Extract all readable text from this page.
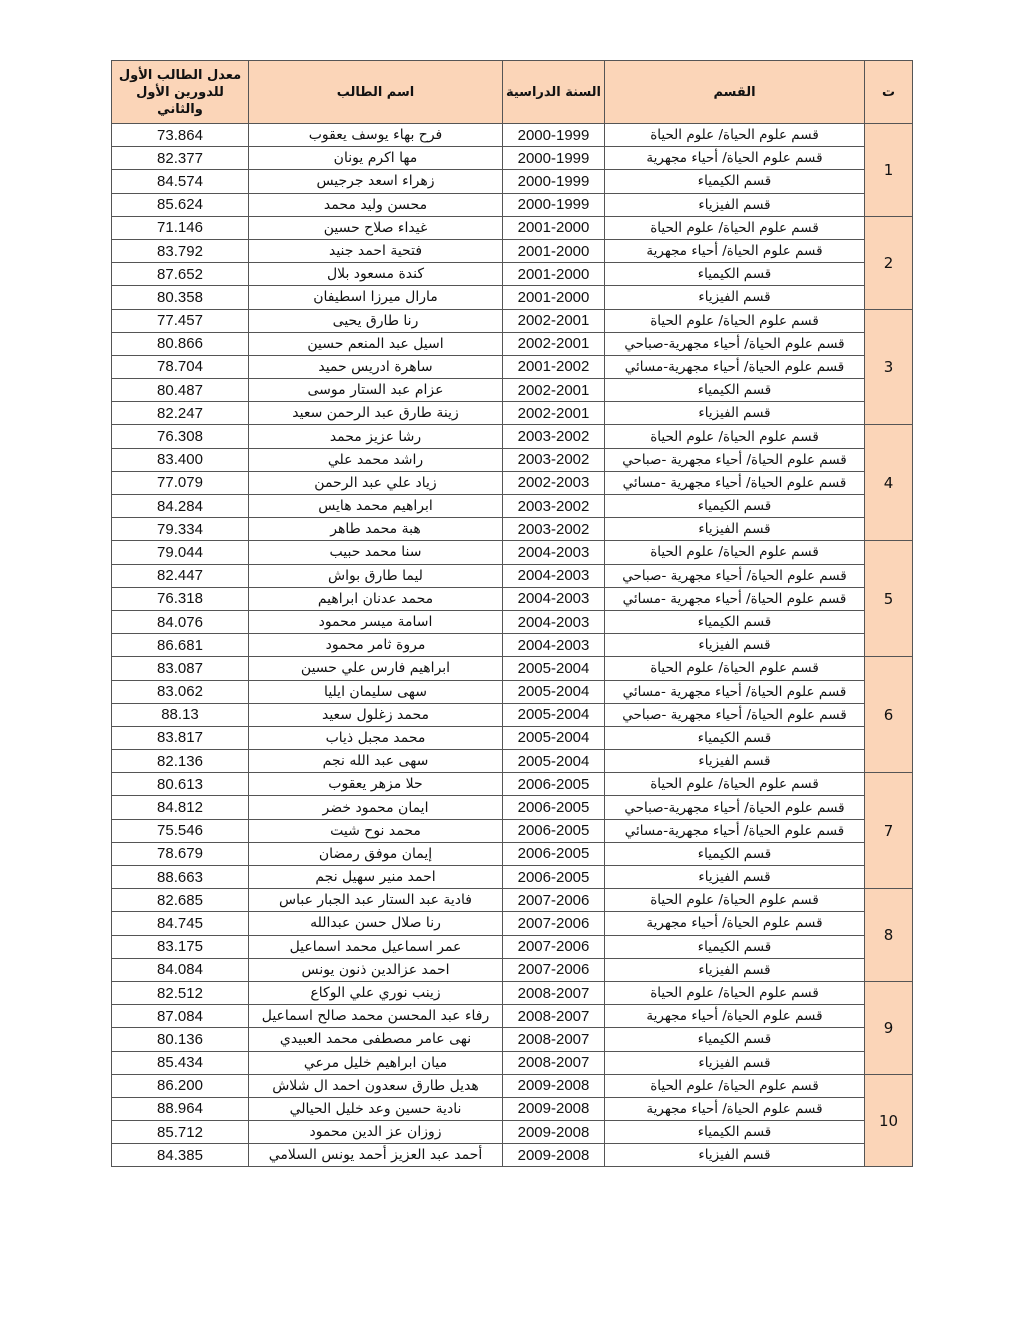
ت	القسم	السنة الدراسية	اسم الطالب	معدل الطالب الأول للدورين الأول والثاني
1	قسم علوم الحياة/ علوم الحياة	2000-1999	فرح بهاء يوسف يعقوب	73.864
	قسم علوم الحياة/ أحياء مجهرية	2000-1999	مها اكرم يونان	82.377
	قسم الكيمياء	2000-1999	زهراء اسعد جرجيس	84.574
	قسم الفيزياء	2000-1999	محسن وليد محمد	85.624
2	قسم علوم الحياة/ علوم الحياة	2001-2000	غيداء صلاح حسين	71.146
	قسم علوم الحياة/ أحياء مجهرية	2001-2000	فتحية احمد جنيد	83.792
	قسم الكيمياء	2001-2000	كندة مسعود بلال	87.652
	قسم الفيزياء	2001-2000	مارال ميرزا اسطيفان	80.358
3	قسم علوم الحياة/ علوم الحياة	2002-2001	رنا طارق يحيى	77.457
	قسم علوم الحياة/ أحياء مجهرية-صباحي	2002-2001	اسيل عبد المنعم حسين	80.866
	قسم علوم الحياة/ أحياء مجهرية-مسائي	2001-2002	ساهرة ادريس حميد	78.704
	قسم الكيمياء	2002-2001	عزام عبد الستار موسى	80.487
	قسم الفيزياء	2002-2001	زينة طارق عبد الرحمن سعيد	82.247
4	قسم علوم الحياة/ علوم الحياة	2003-2002	رشا عزيز محمد	76.308
	قسم علوم الحياة/ أحياء مجهرية -صباحي	2003-2002	راشد محمد علي	83.400
	قسم علوم الحياة/ أحياء مجهرية -مسائي	2002-2003	زياد علي عبد الرحمن	77.079
	قسم الكيمياء	2003-2002	ابراهيم محمد هايس	84.284
	قسم الفيزياء	2003-2002	هبة محمد طاهر	79.334
5	قسم علوم الحياة/ علوم الحياة	2004-2003	سنا محمد حبيب	79.044
	قسم علوم الحياة/ أحياء مجهرية -صباحي	2004-2003	ليما طارق بواش	82.447
	قسم علوم الحياة/ أحياء مجهرية -مسائي	2004-2003	محمد عدنان ابراهيم	76.318
	قسم الكيمياء	2004-2003	اسامة ميسر محمود	84.076
	قسم الفيزياء	2004-2003	مروة ثامر محمود	86.681
6	قسم علوم الحياة/ علوم الحياة	2005-2004	ابراهيم فارس علي حسين	83.087
	قسم علوم الحياة/ أحياء مجهرية -مسائي	2005-2004	سهى سليمان ايليا	83.062
	قسم علوم الحياة/ أحياء مجهرية -صباحي	2005-2004	محمد زغلول سعيد	88.13
	قسم الكيمياء	2005-2004	محمد مجبل ذياب	83.817
	قسم الفيزياء	2005-2004	سهى عبد الله نجم	82.136
7	قسم علوم الحياة/ علوم الحياة	2006-2005	حلا مزهر يعقوب	80.613
	قسم علوم الحياة/ أحياء مجهرية-صباحي	2006-2005	ايمان محمود خضر	84.812
	قسم علوم الحياة/ أحياء مجهرية-مسائي	2006-2005	محمد نوح شيت	75.546
	قسم الكيمياء	2006-2005	إيمان موفق رمضان	78.679
	قسم الفيزياء	2006-2005	احمد منير سهيل نجم	88.663
8	قسم علوم الحياة/ علوم الحياة	2007-2006	فادية عبد الستار عبد الجبار عباس	82.685
	قسم علوم الحياة/ أحياء مجهرية	2007-2006	رنا صلال حسن عبدالله	84.745
	قسم الكيمياء	2007-2006	عمر اسماعيل محمد اسماعيل	83.175
	قسم الفيزياء	2007-2006	احمد عزالدين ذنون يونس	84.084
9	قسم علوم الحياة/ علوم الحياة	2008-2007	زينب نوري علي الوكاع	82.512
	قسم علوم الحياة/ أحياء مجهرية	2008-2007	رفاء عبد المحسن محمد صالح اسماعيل	87.084
	قسم الكيمياء	2008-2007	نهى عامر مصطفى محمد العبيدي	80.136
	قسم الفيزياء	2008-2007	ميان ابراهيم خليل مرعي	85.434
10	قسم علوم الحياة/ علوم الحياة	2009-2008	هديل طارق سعدون احمد ال شلاش	86.200
	قسم علوم الحياة/ أحياء مجهرية	2009-2008	نادية حسين وعد خليل الحيالي	88.964
	قسم الكيمياء	2009-2008	زوزان عز الدين محمود	85.712
	قسم الفيزياء	2009-2008	أحمد عبد العزيز أحمد يونس السلامي	84.385
